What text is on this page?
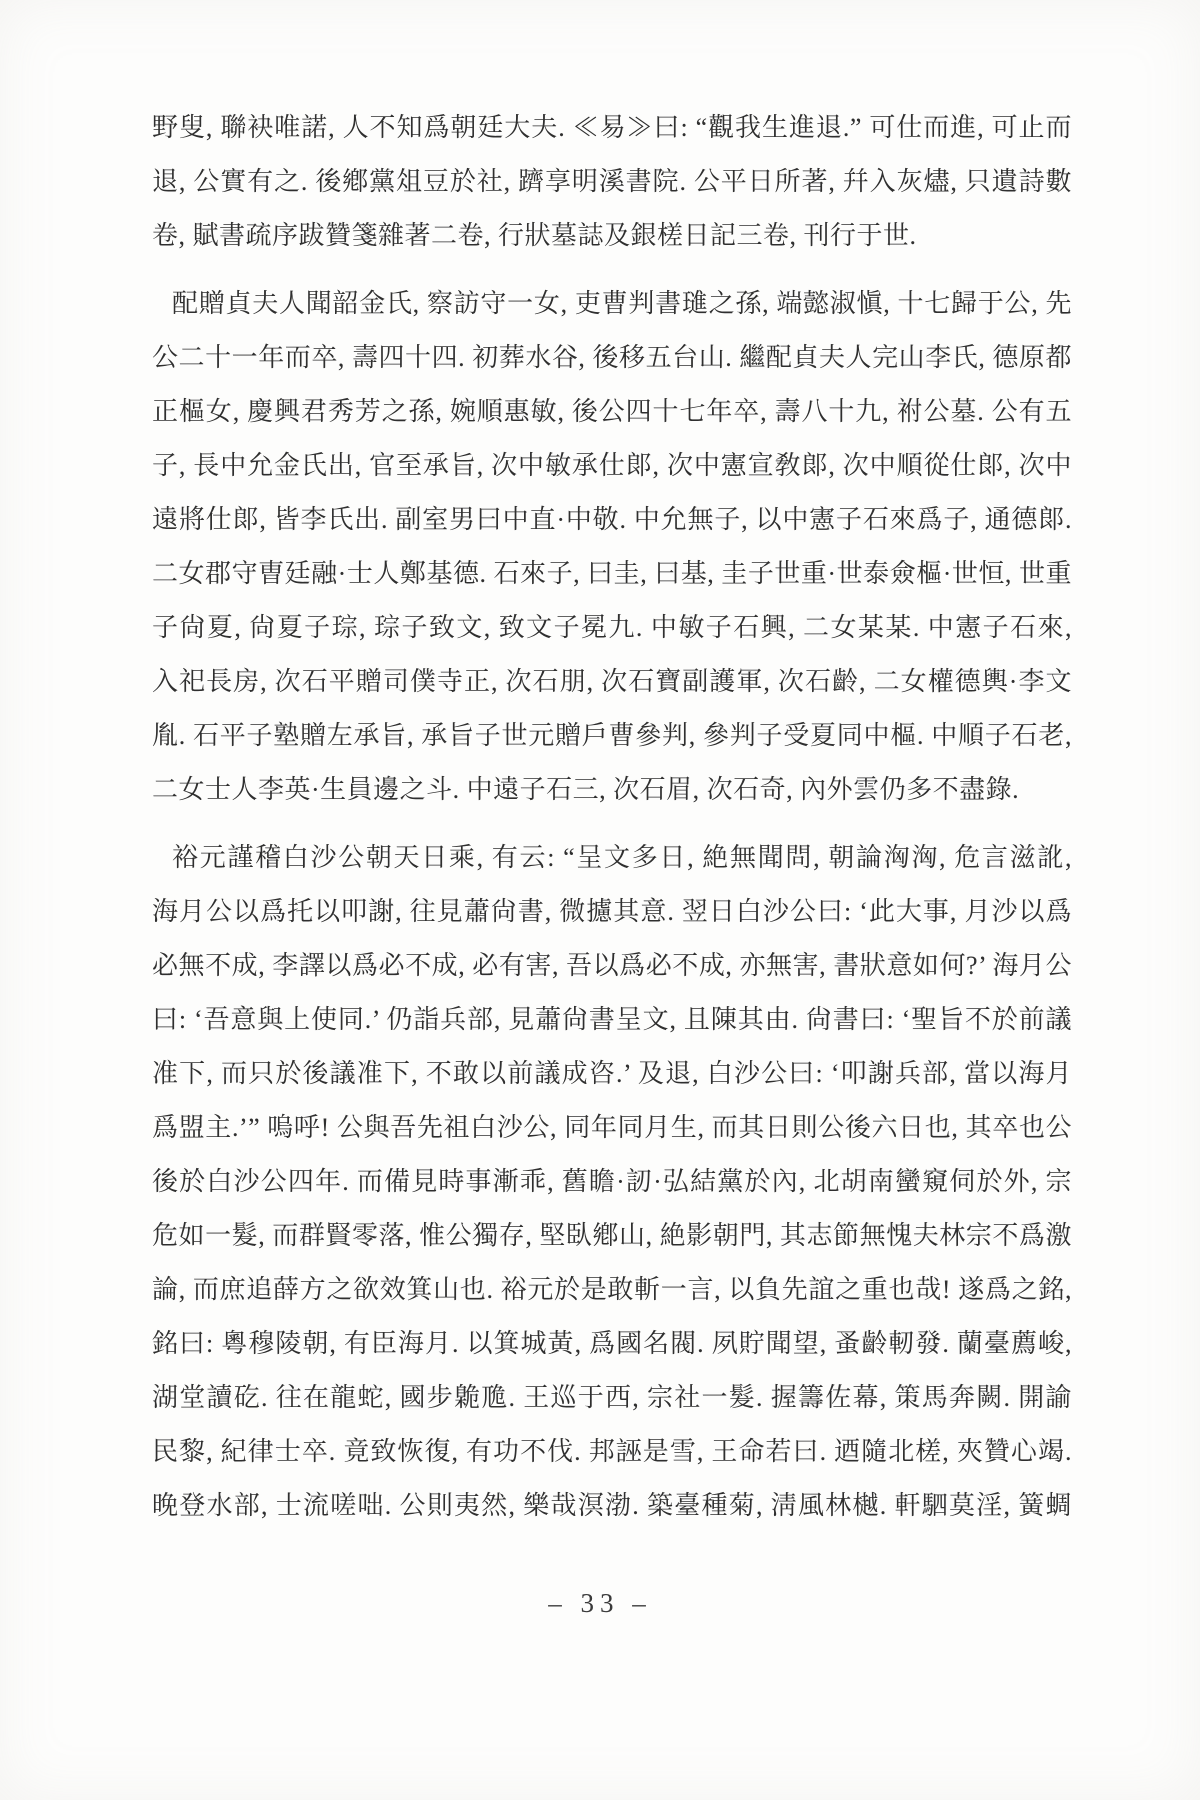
野叟, 聯袂唯諾, 人不知爲朝廷大夫. ≪易≫曰: “觀我生進退.” 可仕而進, 可止而

退, 公實有之. 後鄕黨俎豆於社, 躋享明溪書院. 公平日所著, 幷入灰燼, 只遺詩數

卷, 賦書疏序跋贊箋雜著二卷, 行狀墓誌及銀槎日記三卷, 刊行于世.

配贈貞夫人聞韶金氏, 察訪守一女, 吏曹判書璡之孫, 端懿淑愼, 十七歸于公, 先

公二十一年而卒, 壽四十四. 初葬水谷, 後移五台山. 繼配貞夫人完山李氏, 德原都

正樞女, 慶興君秀芳之孫, 婉順惠敏, 後公四十七年卒, 壽八十九, 祔公墓. 公有五

子, 長中允金氏出, 官至承旨, 次中敏承仕郞, 次中憲宣敎郞, 次中順從仕郞, 次中

遠將仕郞, 皆李氏出. 副室男曰中直·中敬. 中允無子, 以中憲子石來爲子, 通德郞.

二女郡守曺廷融·士人鄭基德. 石來子, 曰圭, 曰基, 圭子世重·世泰僉樞·世恒, 世重

子尙夏, 尙夏子琮, 琮子致文, 致文子冕九. 中敏子石興, 二女某某. 中憲子石來,

入祀長房, 次石平贈司僕寺正, 次石朋, 次石寶副護軍, 次石齡, 二女權德輿·李文

胤. 石平子塾贈左承旨, 承旨子世元贈戶曹參判, 參判子受夏同中樞. 中順子石老,

二女士人李英·生員邊之斗. 中遠子石三, 次石眉, 次石奇, 內外雲仍多不盡錄.

裕元謹稽白沙公朝天日乘, 有云: “呈文多日, 絶無聞問, 朝論洶洶, 危言滋訛,

海月公以爲托以叩謝, 往見蕭尙書, 微攄其意. 翌日白沙公曰: ‘此大事, 月沙以爲

必無不成, 李譯以爲必不成, 必有害, 吾以爲必不成, 亦無害, 書狀意如何?’ 海月公

曰: ‘吾意與上使同.’ 仍詣兵部, 見蕭尙書呈文, 且陳其由. 尙書曰: ‘聖旨不於前議

准下, 而只於後議准下, 不敢以前議成咨.’ 及退, 白沙公曰: ‘叩謝兵部, 當以海月

爲盟主.’” 嗚呼! 公與吾先祖白沙公, 同年同月生, 而其日則公後六日也, 其卒也公

後於白沙公四年. 而備見時事漸乖, 舊瞻·訒·弘結黨於內, 北胡南蠻窺伺於外, 宗

危如一髮, 而群賢零落, 惟公獨存, 堅臥鄕山, 絶影朝門, 其志節無愧夫林宗不爲激

論, 而庶追薛方之欲效箕山也. 裕元於是敢斬一言, 以負先誼之重也哉! 遂爲之銘,

銘曰: 粵穆陵朝, 有臣海月. 以箕城黃, 爲國名閥. 夙貯聞望, 蚤齡軔發. 蘭臺薦峻,

湖堂讀矻. 往在龍蛇, 國步臲卼. 王巡于西, 宗社一髮. 握籌佐幕, 策馬奔闕. 開諭

民黎, 紀律士卒. 竟致恢復, 有功不伐. 邦誣是雪, 王命若曰. 迺隨北槎, 夾贊心竭.

晚登水部, 士流嗟咄. 公則夷然, 樂哉溟渤. 築臺種菊, 淸風林樾. 軒駟莫淫, 簧蜩

– 33 –
